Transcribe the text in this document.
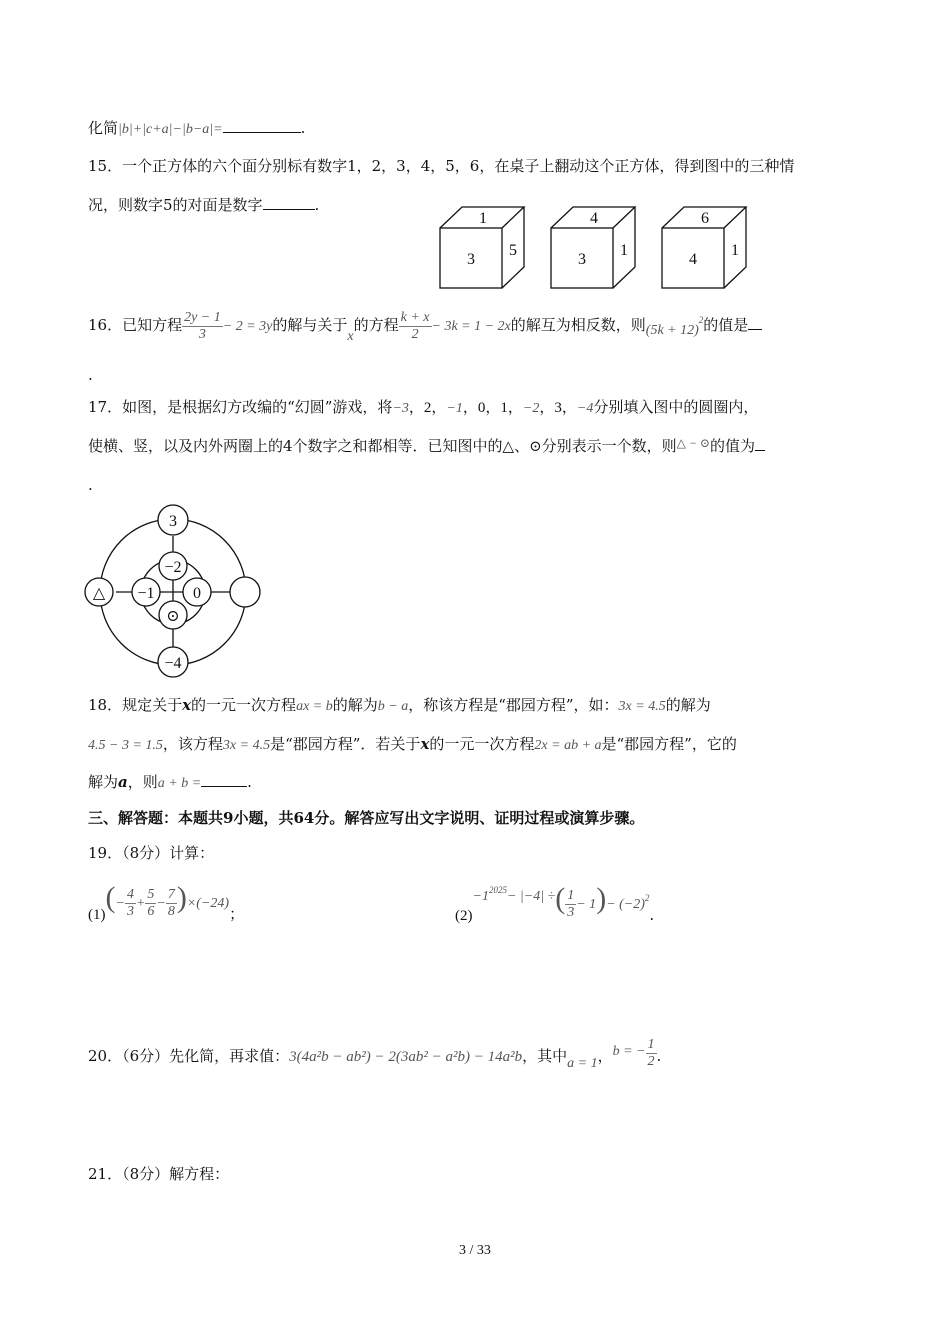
化简|b|+|c+a|−|b−a|=	.
15．一个正方体的六个面分别标有数字1，2，3，4，5，6，在桌子上翻动这个正方体，得到图中的三种情
况，则数字5的对面是数字	.
1
3
5
4
3
1
6
4
1
16．已知方程 $\frac{2y - 1}{3} - 2 = 3y$的解与关于x的方程 $\frac{k + x}{2} - 3k = 1 - 2x$的解互为相反数，则$(5k + 12)^2$的值是
.
17．如图，是根据幻方改编的“幻圆”游戏，将−3，2，−1，0，1，−2，3，−4分别填入图中的圆圈内，
使横、竖，以及内外两圈上的4个数字之和都相等．已知图中的△、⊙分别表示一个数，则△ − ⊙的值为
.
3
−2
△ −1 0
⊙
−4
18．规定关于x的一元一次方程ax = b的解为b − a，称该方程是“郡园方程”，如：3x = 4.5的解为
4.5 − 3 = 1.5，该方程3x = 4.5是“郡园方程”．若关于x的一元一次方程2x = ab + a是“郡园方程”，它的
解为a，则a + b =	.
三、解答题：本题共9小题，共64分。解答应写出文字说明、证明过程或演算步骤。
19．（8分）计算：
$(1)(- \frac{4}{3} + \frac{5}{6} - \frac{7}{8} )\times(-24)$；	$(2)-1^{2025}- |-4|$ ÷( $\frac{1}{3} - 1)- (-2)^2$.
20．（6分）先化简，再求值：3(4a²b − ab²) − 2(3ab² − a²b) − 14a²b，其中a = 1，b = − $\frac{1}{2}$ .
21．（8分）解方程：
3 / 33
